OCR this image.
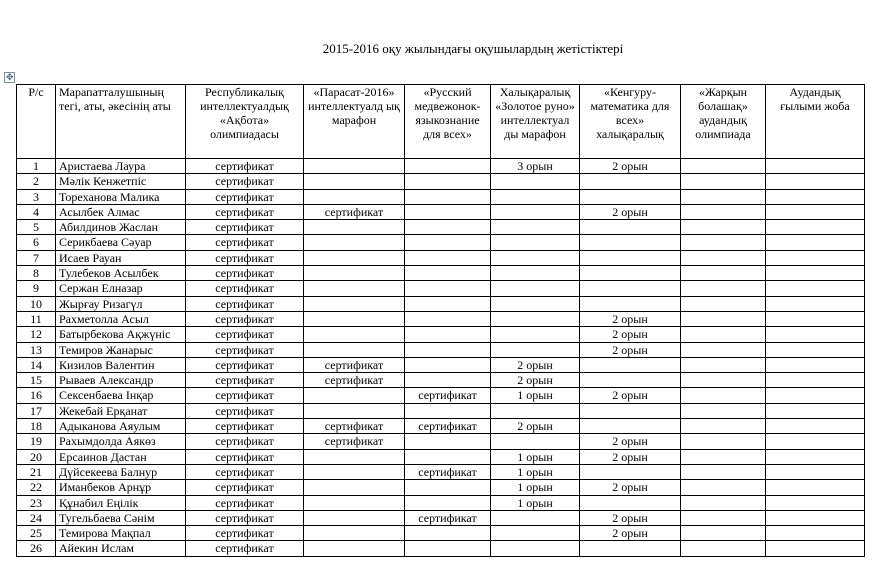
2015-2016 оқу жылындағы оқушылардың жетістіктері
✥
Р/с	Марапатталушының тегі, аты, әкесінің аты	Республикалық интеллектуалдық «Ақбота» олимпиадасы	«Парасат-2016» интеллектуалд ық марафон	«Русский медвежонок-языкознание для всех»	Халықаралық «Золотое руно» интеллектуал ды марафон	«Кенгуру-математика для всех» халықаралық	«Жарқын болашақ» аудандық олимпиада	Аудандық ғылыми жоба
1	Аристаева Лаура	сертификат			3 орын	2 орын		
2	Мәлік Кенжетпіс	сертификат						
3	Тореханова Малика	сертификат						
4	Асылбек Алмас	сертификат	сертификат			2 орын		
5	Абилдинов Жаслан	сертификат						
6	Серикбаева Сәуар	сертификат						
7	Исаев Рауан	сертификат						
8	Тулебеков Асылбек	сертификат						
9	Сержан Елназар	сертификат						
10	Жырғау Ризагүл	сертификат						
11	Рахметолла Асыл	сертификат				2 орын		
12	Батырбекова Ақжүніс	сертификат				2 орын		
13	Темиров Жанарыс	сертификат				2 орын		
14	Кизилов Валентин	сертификат	сертификат		2 орын			
15	Рываев Александр	сертификат	сертификат		2 орын			
16	Сексенбаева Інқар	сертификат		сертификат	1 орын	2 орын		
17	Жекебай Ерқанат	сертификат						
18	Адыканова Аяулым	сертификат	сертификат	сертификат	2 орын			
19	Рахымдолда Аякөз	сертификат	сертификат			2 орын		
20	Ерсаинов Дастан	сертификат			1 орын	2 орын		
21	Дүйсекеева Балнур	сертификат		сертификат	1 орын			
22	Иманбеков Арнұр	сертификат			1 орын	2 орын		
23	Құнабил Еңілік	сертификат			1 орын			
24	Тугельбаева Сәнім	сертификат		сертификат		2 орын		
25	Темирова Мақпал	сертификат				2 орын		
26	Айекин Ислам	сертификат						
